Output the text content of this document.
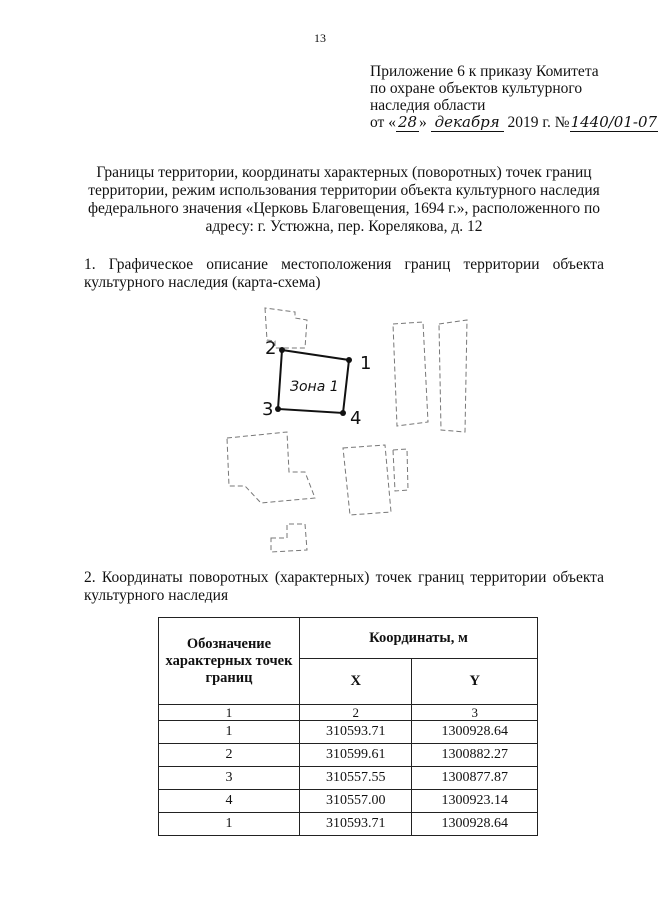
13
Приложение 6 к приказу Комитета
по охране объектов культурного
наследия области
от « 28 » декабря 2019 г. №1440/01-07
Границы территории, координаты характерных (поворотных) точек границ территории, режим использования территории объекта культурного наследия федерального значения «Церковь Благовещения, 1694 г.», расположенного по адресу: г. Устюжна, пер. Корелякова, д. 12
1. Графическое описание местоположения границ территории объекта культурного наследия (карта-схема)
Зона 1
1
2
3	4
2. Координаты поворотных (характерных) точек границ территории объекта культурного наследия
Обозначение характерных точек границ	Координаты, м	
	X	Y
1	2	3
1	310593.71	1300928.64
2	310599.61	1300882.27
3	310557.55	1300877.87
4	310557.00	1300923.14
1	310593.71	1300928.64
